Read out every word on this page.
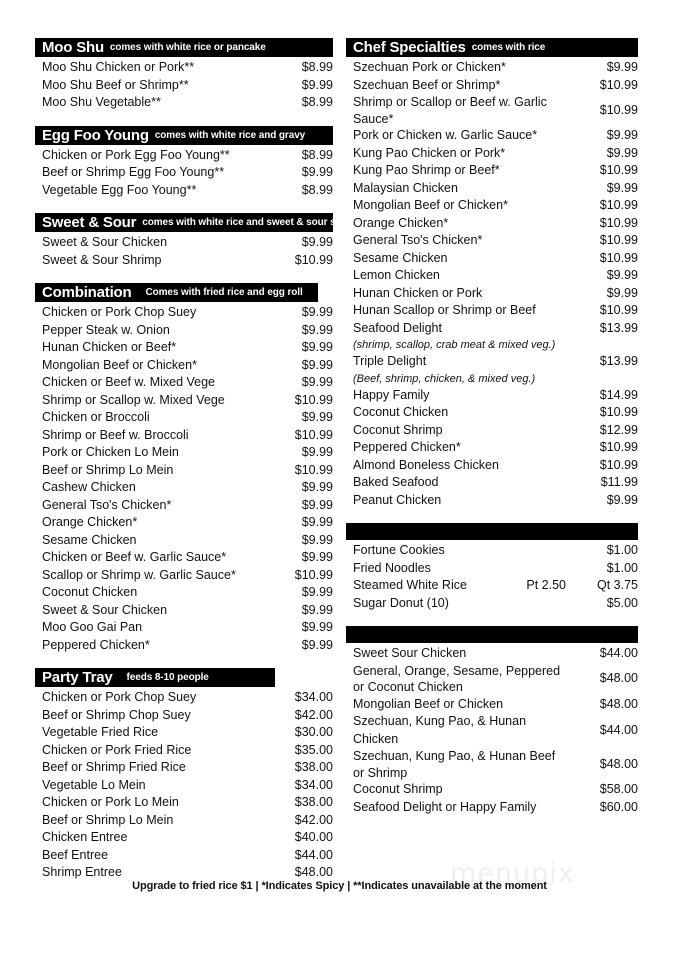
Moo Shu comes with white rice or pancake
Moo Shu Chicken or Pork**	$8.99
Moo Shu Beef or Shrimp**	$9.99
Moo Shu Vegetable**	$8.99
Egg Foo Young comes with white rice and gravy
Chicken or Pork Egg Foo Young**	$8.99
Beef or Shrimp Egg Foo Young**	$9.99
Vegetable Egg Foo Young**	$8.99
Sweet & Sour comes with white rice and sweet & sour sauce
Sweet & Sour Chicken	$9.99
Sweet & Sour Shrimp	$10.99
Combination Comes with fried rice and egg roll
Chicken or Pork Chop Suey	$9.99
Pepper Steak w. Onion	$9.99
Hunan Chicken or Beef*	$9.99
Mongolian Beef or Chicken*	$9.99
Chicken or Beef w. Mixed Vege	$9.99
Shrimp or Scallop w. Mixed Vege	$10.99
Chicken or Broccoli	$9.99
Shrimp or Beef w. Broccoli	$10.99
Pork or Chicken Lo Mein	$9.99
Beef or Shrimp Lo Mein	$10.99
Cashew Chicken	$9.99
General Tso's Chicken*	$9.99
Orange Chicken*	$9.99
Sesame Chicken	$9.99
Chicken or Beef w. Garlic Sauce*	$9.99
Scallop or Shrimp w. Garlic Sauce*	$10.99
Coconut Chicken	$9.99
Sweet & Sour Chicken	$9.99
Moo Goo Gai Pan	$9.99
Peppered Chicken*	$9.99
Party Tray feeds 8-10 people
Chicken or Pork Chop Suey	$34.00
Beef or Shrimp Chop Suey	$42.00
Vegetable Fried Rice	$30.00
Chicken or Pork Fried Rice	$35.00
Beef or Shrimp Fried Rice	$38.00
Vegetable Lo Mein	$34.00
Chicken or Pork Lo Mein	$38.00
Beef or Shrimp Lo Mein	$42.00
Chicken Entree	$40.00
Beef Entree	$44.00
Shrimp Entree	$48.00
Chef Specialties comes with rice
Szechuan Pork or Chicken*	$9.99
Szechuan Beef or Shrimp*	$10.99
Shrimp or Scallop or Beef w. Garlic Sauce*
$10.99
Pork or Chicken w. Garlic Sauce*	$9.99
Kung Pao Chicken or Pork*	$9.99
Kung Pao Shrimp or Beef*	$10.99
Malaysian Chicken	$9.99
Mongolian Beef or Chicken*	$10.99
Orange Chicken*	$10.99
General Tso's Chicken*	$10.99
Sesame Chicken	$10.99
Lemon Chicken	$9.99
Hunan Chicken or Pork	$9.99
Hunan Scallop or Shrimp or Beef	$10.99
Seafood Delight	$13.99
(shrimp, scallop, crab meat & mixed veg.)
Triple Delight	$13.99
(Beef, shrimp, chicken, & mixed veg.)
Happy Family	$14.99
Coconut Chicken	$10.99
Coconut Shrimp	$12.99
Peppered Chicken*	$10.99
Almond Boneless Chicken	$10.99
Baked Seafood	$11.99
Peanut Chicken	$9.99
Fortune Cookies	$1.00
Fried Noodles	$1.00
Steamed White Rice	Pt 2.50	Qt 3.75
Sugar Donut (10)	$5.00
Sweet Sour Chicken	$44.00
General, Orange, Sesame, Peppered or Coconut Chicken
$48.00
Mongolian Beef or Chicken	$48.00
Szechuan, Kung Pao, & Hunan Chicken
$44.00
Szechuan, Kung Pao, & Hunan Beef or Shrimp
$48.00
Coconut Shrimp	$58.00
Seafood Delight or Happy Family	$60.00
menupix
Upgrade to fried rice $1 | *Indicates Spicy | **Indicates unavailable at the moment
